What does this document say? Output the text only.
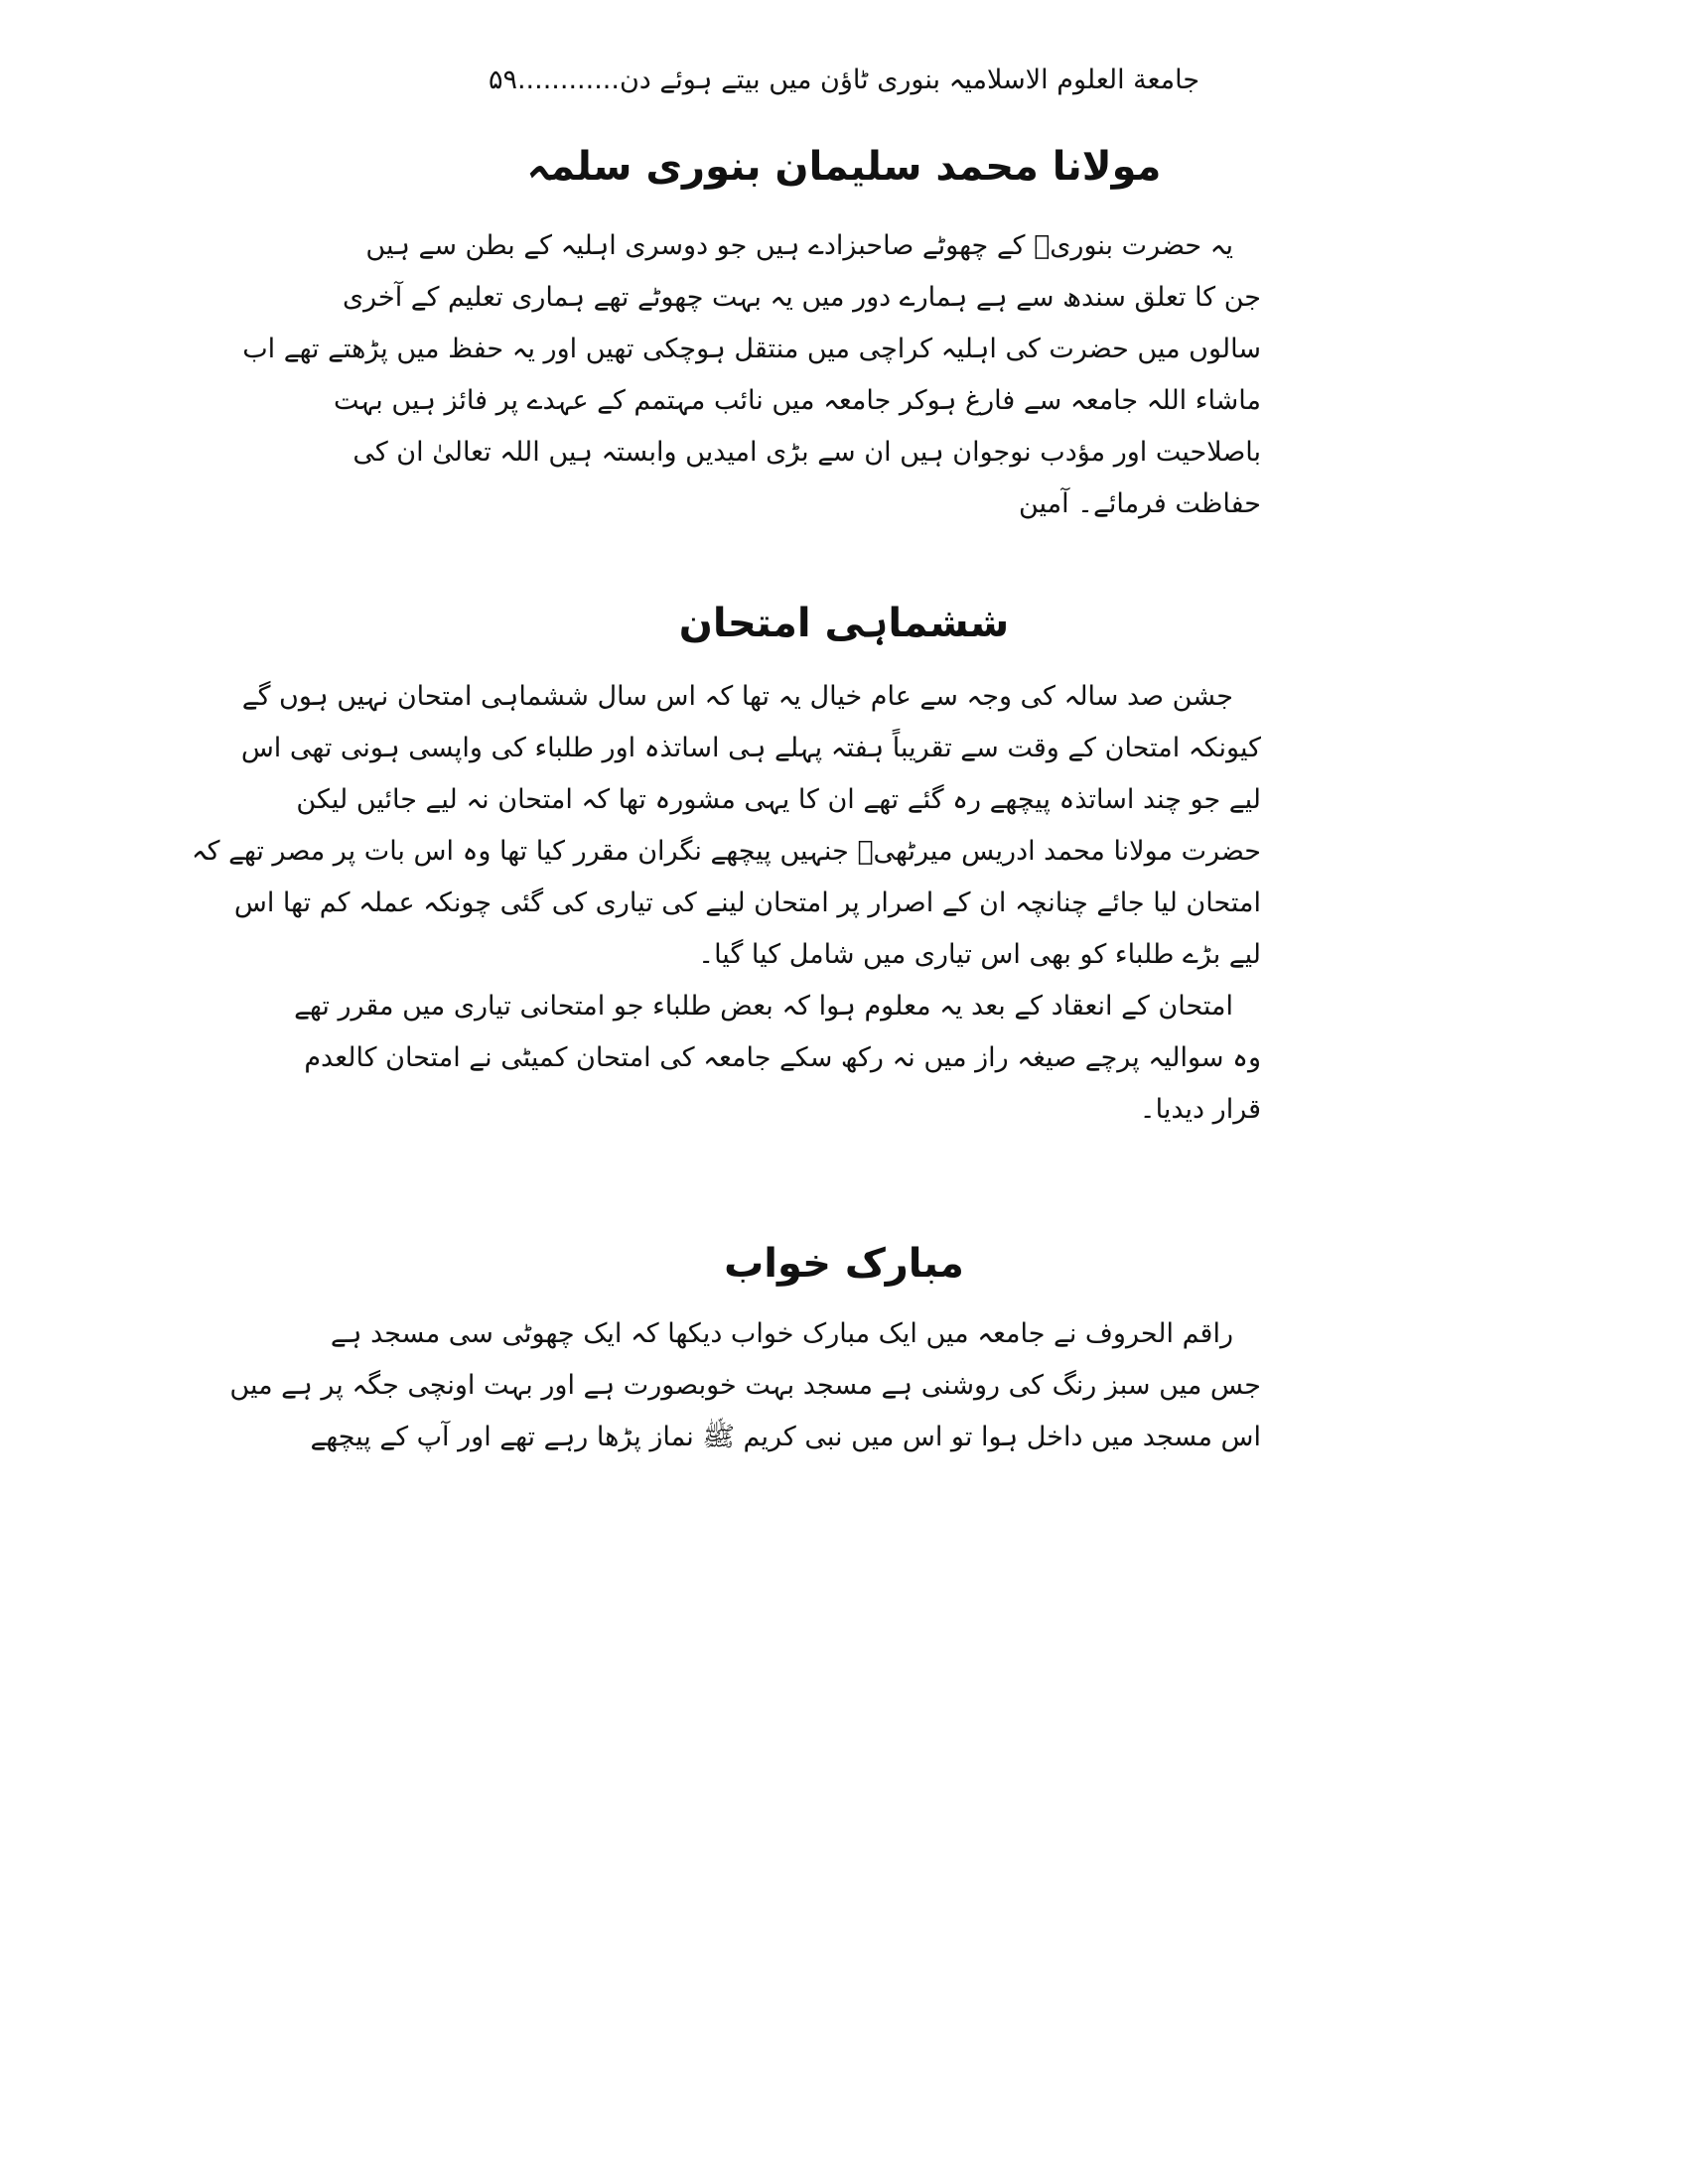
جامعة العلوم الاسلامیہ بنوری ٹاؤن میں بیتے ہوئے دن............۵۹
مولانا محمد سلیمان بنوری سلمہ
یہ حضرت بنوریؒ کے چھوٹے صاحبزادے ہیں جو دوسری اہلیہ کے بطن سے ہیں
جن کا تعلق سندھ سے ہے ہمارے دور میں یہ بہت چھوٹے تھے ہماری تعلیم کے آخری
سالوں میں حضرت کی اہلیہ کراچی میں منتقل ہوچکی تھیں اور یہ حفظ میں پڑھتے تھے اب
ماشاء اللہ جامعہ سے فارغ ہوکر جامعہ میں نائب مہتمم کے عہدے پر فائز ہیں بہت
باصلاحیت اور مؤدب نوجوان ہیں ان سے بڑی امیدیں وابستہ ہیں اللہ تعالیٰ ان کی
حفاظت فرمائے۔ آمین
ششماہی امتحان
جشن صد سالہ کی وجہ سے عام خیال یہ تھا کہ اس سال ششماہی امتحان نہیں ہوں گے
کیونکہ امتحان کے وقت سے تقریباً ہفتہ پہلے ہی اساتذہ اور طلباء کی واپسی ہونی تھی اس
لیے جو چند اساتذہ پیچھے رہ گئے تھے ان کا یہی مشورہ تھا کہ امتحان نہ لیے جائیں لیکن
حضرت مولانا محمد ادریس میرٹھیؒ جنہیں پیچھے نگران مقرر کیا تھا وہ اس بات پر مصر تھے کہ
امتحان لیا جائے چنانچہ ان کے اصرار پر امتحان لینے کی تیاری کی گئی چونکہ عملہ کم تھا اس
لیے بڑے طلباء کو بھی اس تیاری میں شامل کیا گیا۔
امتحان کے انعقاد کے بعد یہ معلوم ہوا کہ بعض طلباء جو امتحانی تیاری میں مقرر تھے
وہ سوالیہ پرچے صیغہ راز میں نہ رکھ سکے جامعہ کی امتحان کمیٹی نے امتحان کالعدم
قرار دیدیا۔
مبارک خواب
راقم الحروف نے جامعہ میں ایک مبارک خواب دیکھا کہ ایک چھوٹی سی مسجد ہے
جس میں سبز رنگ کی روشنی ہے مسجد بہت خوبصورت ہے اور بہت اونچی جگہ پر ہے میں
اس مسجد میں داخل ہوا تو اس میں نبی کریم ﷺ نماز پڑھا رہے تھے اور آپ کے پیچھے
